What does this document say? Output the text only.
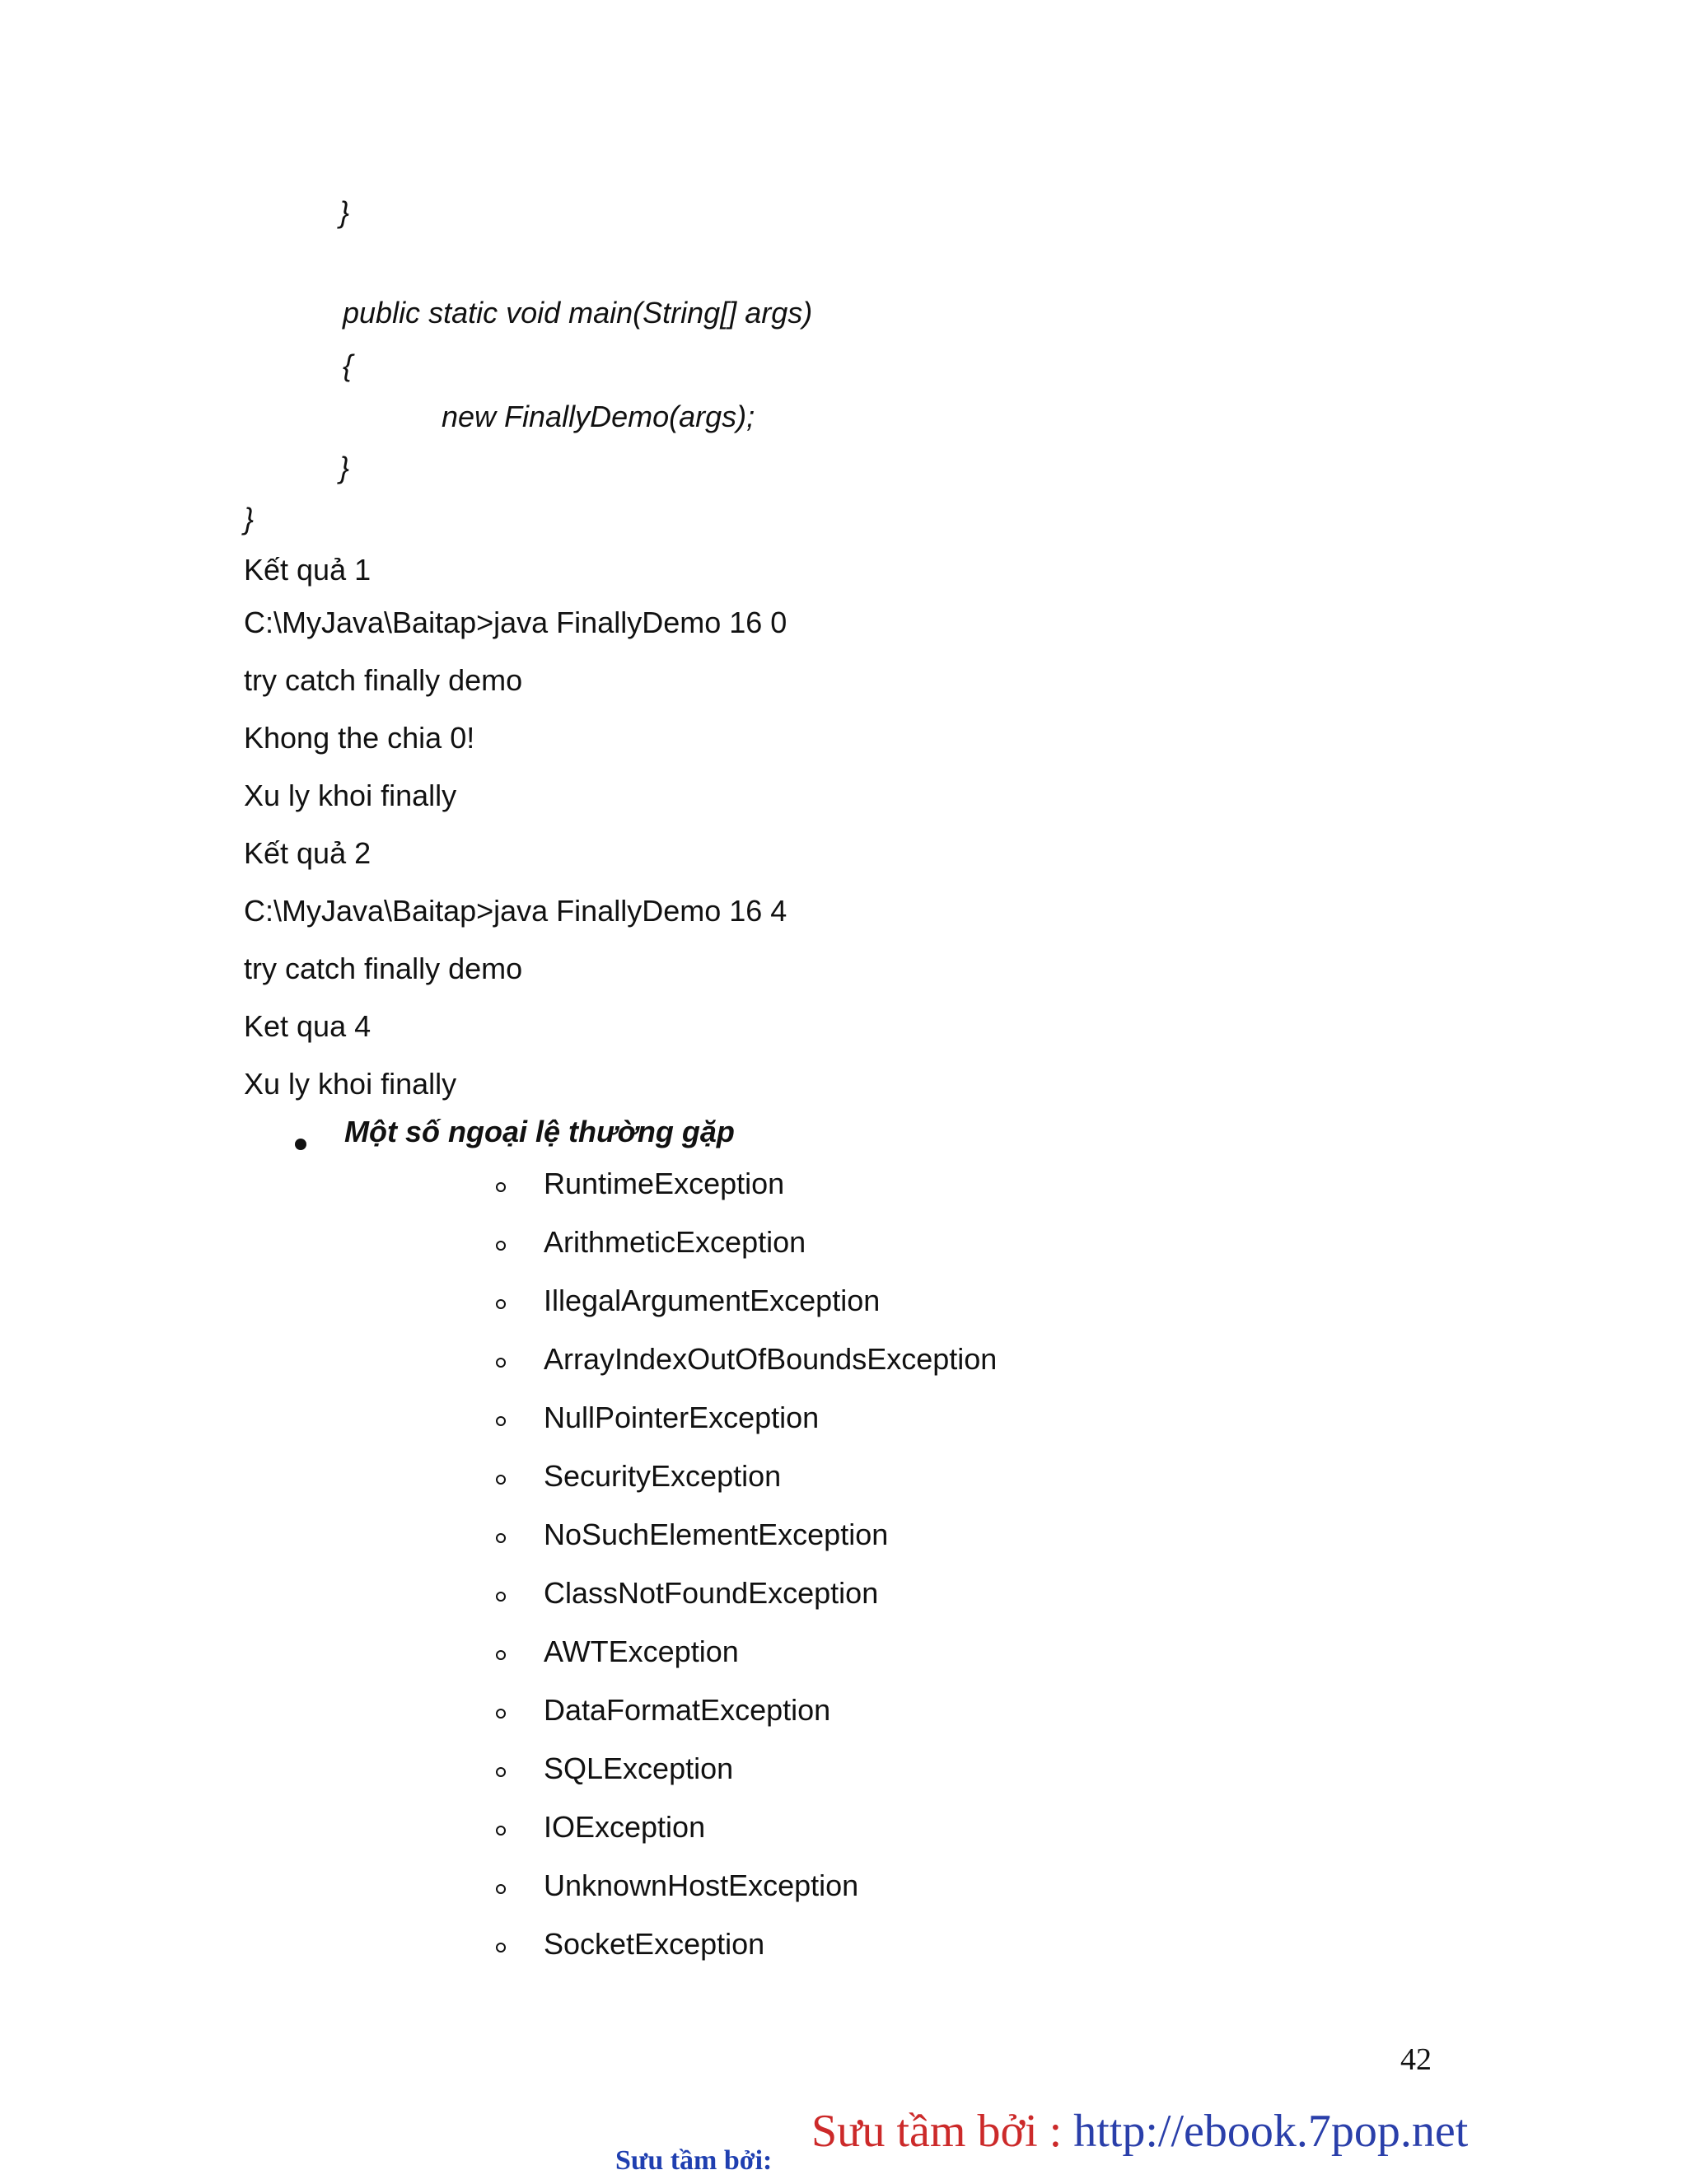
}
public static void main(String[] args)
{
new FinallyDemo(args);
}
}
Kết quả 1
C:\MyJava\Baitap>java FinallyDemo 16 0
try catch finally demo
Khong the chia 0!
Xu ly khoi finally
Kết quả 2
C:\MyJava\Baitap>java FinallyDemo 16 4
try catch finally demo
Ket qua 4
Xu ly khoi finally
Một số ngoại lệ thường gặp
RuntimeException
ArithmeticException
IllegalArgumentException
ArrayIndexOutOfBoundsException
NullPointerException
SecurityException
NoSuchElementException
ClassNotFoundException
AWTException
DataFormatException
SQLException
IOException
UnknownHostException
SocketException
42
Sưu tầm bởi:
Sưu tầm bởi : http://ebook.7pop.net
